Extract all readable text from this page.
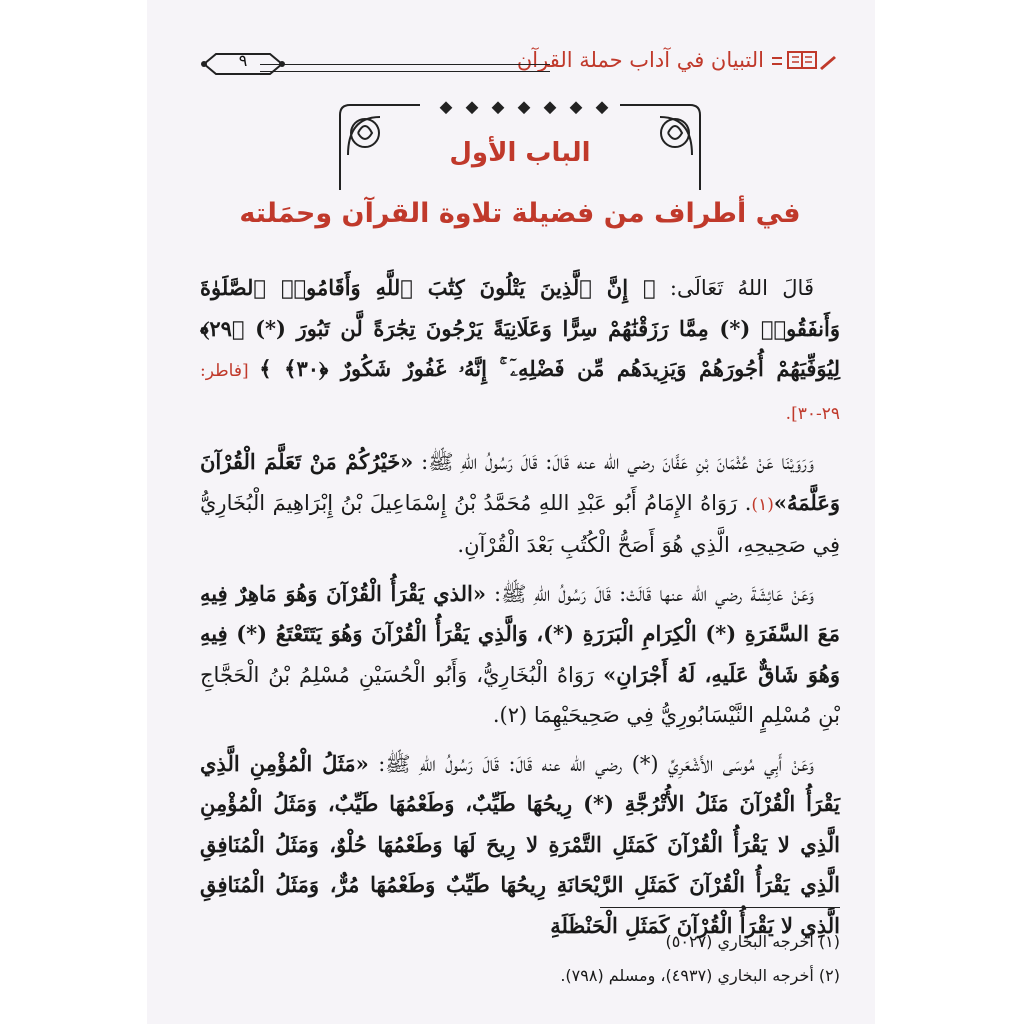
التبيان في آداب حملة القرآن
٩
الباب الأول
في أطراف من فضيلة تلاوة القرآن وحمَلته

قَالَ اللهُ تَعَالَى: ﴿ إِنَّ ٱلَّذِينَ يَتْلُونَ كِتَٰبَ ٱللَّهِ وَأَقَامُوا۟ ٱلصَّلَوٰةَ وَأَنفَقُوا۟ (*) مِمَّا رَزَقْنَٰهُمْ سِرًّا وَعَلَانِيَةً يَرْجُونَ تِجَٰرَةً لَّن تَبُورَ (*) ﴿٢٩﴾ لِيُوَفِّيَهُمْ أُجُورَهُمْ وَيَزِيدَهُم مِّن فَضْلِهِۦٓ ۚ إِنَّهُۥ غَفُورٌ شَكُورٌ ﴿٣٠﴾ ﴾ [فاطر: ٢٩-٣٠].

وَرَوَيْنَا عَنْ عُثْمَانَ بْنِ عَفَّانَ رضي الله عنه قَالَ: قَالَ رَسُولُ اللهِ ﷺ: «خَيْرُكُمْ مَنْ تَعَلَّمَ الْقُرْآنَ وَعَلَّمَهُ»(١). رَوَاهُ الإِمَامُ أَبُو عَبْدِ اللهِ مُحَمَّدُ بْنُ إِسْمَاعِيلَ بْنُ إِبْرَاهِيمَ الْبُخَارِيُّ فِي صَحِيحِهِ، الَّذِي هُوَ أَصَحُّ الْكُتُبِ بَعْدَ الْقُرْآنِ.

وَعَنْ عَائِشَةَ رضي الله عنها قَالَتْ: قَالَ رَسُولُ اللهِ ﷺ: «الذي يَقْرَأُ الْقُرْآنَ وَهُوَ مَاهِرٌ فِيهِ مَعَ السَّفَرَةِ (*) الْكِرَامِ الْبَرَرَةِ (*)، وَالَّذِي يَقْرَأُ الْقُرْآنَ وَهُوَ يَتَتَعْتَعُ (*) فِيهِ وَهُوَ شَاقٌّ عَلَيهِ، لَهُ أَجْرَانِ» رَوَاهُ الْبُخَارِيُّ، وَأَبُو الْحُسَيْنِ مُسْلِمُ بْنُ الْحَجَّاجِ بْنِ مُسْلِمٍ النَّيْسَابُورِيُّ فِي صَحِيحَيْهِمَا (٢).

وَعَنْ أَبِي مُوسَى الأَشْعَرِيِّ (*) رضي الله عنه قَالَ: قَالَ رَسُولُ اللهِ ﷺ: «مَثَلُ الْمُؤْمِنِ الَّذِي يَقْرَأُ الْقُرْآنَ مَثَلُ الأُتْرُجَّةِ (*) رِيحُهَا طَيِّبٌ، وَطَعْمُهَا طَيِّبٌ، وَمَثَلُ الْمُؤْمِنِ الَّذِي لا يَقْرَأُ الْقُرْآنَ كَمَثَلِ التَّمْرَةِ لا رِيحَ لَهَا وَطَعْمُهَا حُلْوٌ، وَمَثَلُ الْمُنَافِقِ الَّذِي يَقْرَأُ الْقُرْآنَ كَمَثَلِ الرَّيْحَانَةِ رِيحُهَا طَيِّبٌ وَطَعْمُهَا مُرٌّ، وَمَثَلُ الْمُنَافِقِ الَّذِي لا يَقْرَأُ الْقُرْآنَ كَمَثَلِ الْحَنْظَلَةِ

(١) أخرجه البخاري (٥٠٢٧)
(٢) أخرجه البخاري (٤٩٣٧)، ومسلم (٧٩٨).
